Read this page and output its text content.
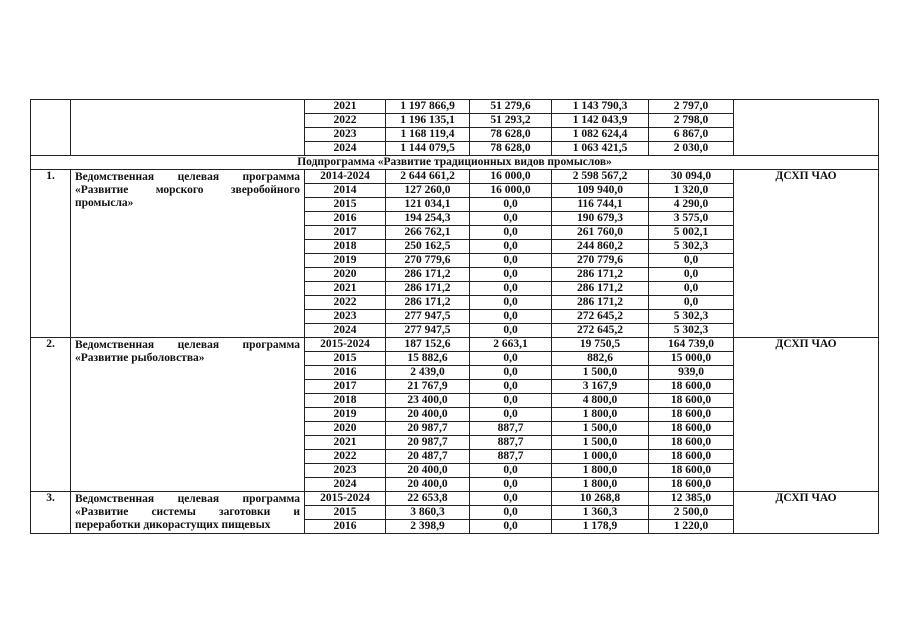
		2021	1 197 866,9	51 279,6	1 143 790,3	2 797,0	
		2022	1 196 135,1	51 293,2	1 142 043,9	2 798,0	
		2023	1 168 119,4	78 628,0	1 082 624,4	6 867,0	
		2024	1 144 079,5	78 628,0	1 063 421,5	2 030,0	
Подпрограмма «Развитие традиционных видов промыслов»							
1.	Ведомственная целевая программа «Развитие морского зверобойного промысла»	2014-2024	2 644 661,2	16 000,0	2 598 567,2	30 094,0	ДСХП ЧАО
		2014	127 260,0	16 000,0	109 940,0	1 320,0	
		2015	121 034,1	0,0	116 744,1	4 290,0	
		2016	194 254,3	0,0	190 679,3	3 575,0	
		2017	266 762,1	0,0	261 760,0	5 002,1	
		2018	250 162,5	0,0	244 860,2	5 302,3	
		2019	270 779,6	0,0	270 779,6	0,0	
		2020	286 171,2	0,0	286 171,2	0,0	
		2021	286 171,2	0,0	286 171,2	0,0	
		2022	286 171,2	0,0	286 171,2	0,0	
		2023	277 947,5	0,0	272 645,2	5 302,3	
		2024	277 947,5	0,0	272 645,2	5 302,3	
2.	Ведомственная целевая программа «Развитие рыболовства»	2015-2024	187 152,6	2 663,1	19 750,5	164 739,0	ДСХП ЧАО
		2015	15 882,6	0,0	882,6	15 000,0	
		2016	2 439,0	0,0	1 500,0	939,0	
		2017	21 767,9	0,0	3 167,9	18 600,0	
		2018	23 400,0	0,0	4 800,0	18 600,0	
		2019	20 400,0	0,0	1 800,0	18 600,0	
		2020	20 987,7	887,7	1 500,0	18 600,0	
		2021	20 987,7	887,7	1 500,0	18 600,0	
		2022	20 487,7	887,7	1 000,0	18 600,0	
		2023	20 400,0	0,0	1 800,0	18 600,0	
		2024	20 400,0	0,0	1 800,0	18 600,0	
3.	Ведомственная целевая программа «Развитие системы заготовки и переработки дикорастущих пищевых	2015-2024	22 653,8	0,0	10 268,8	12 385,0	ДСХП ЧАО
		2015	3 860,3	0,0	1 360,3	2 500,0	
		2016	2 398,9	0,0	1 178,9	1 220,0	
